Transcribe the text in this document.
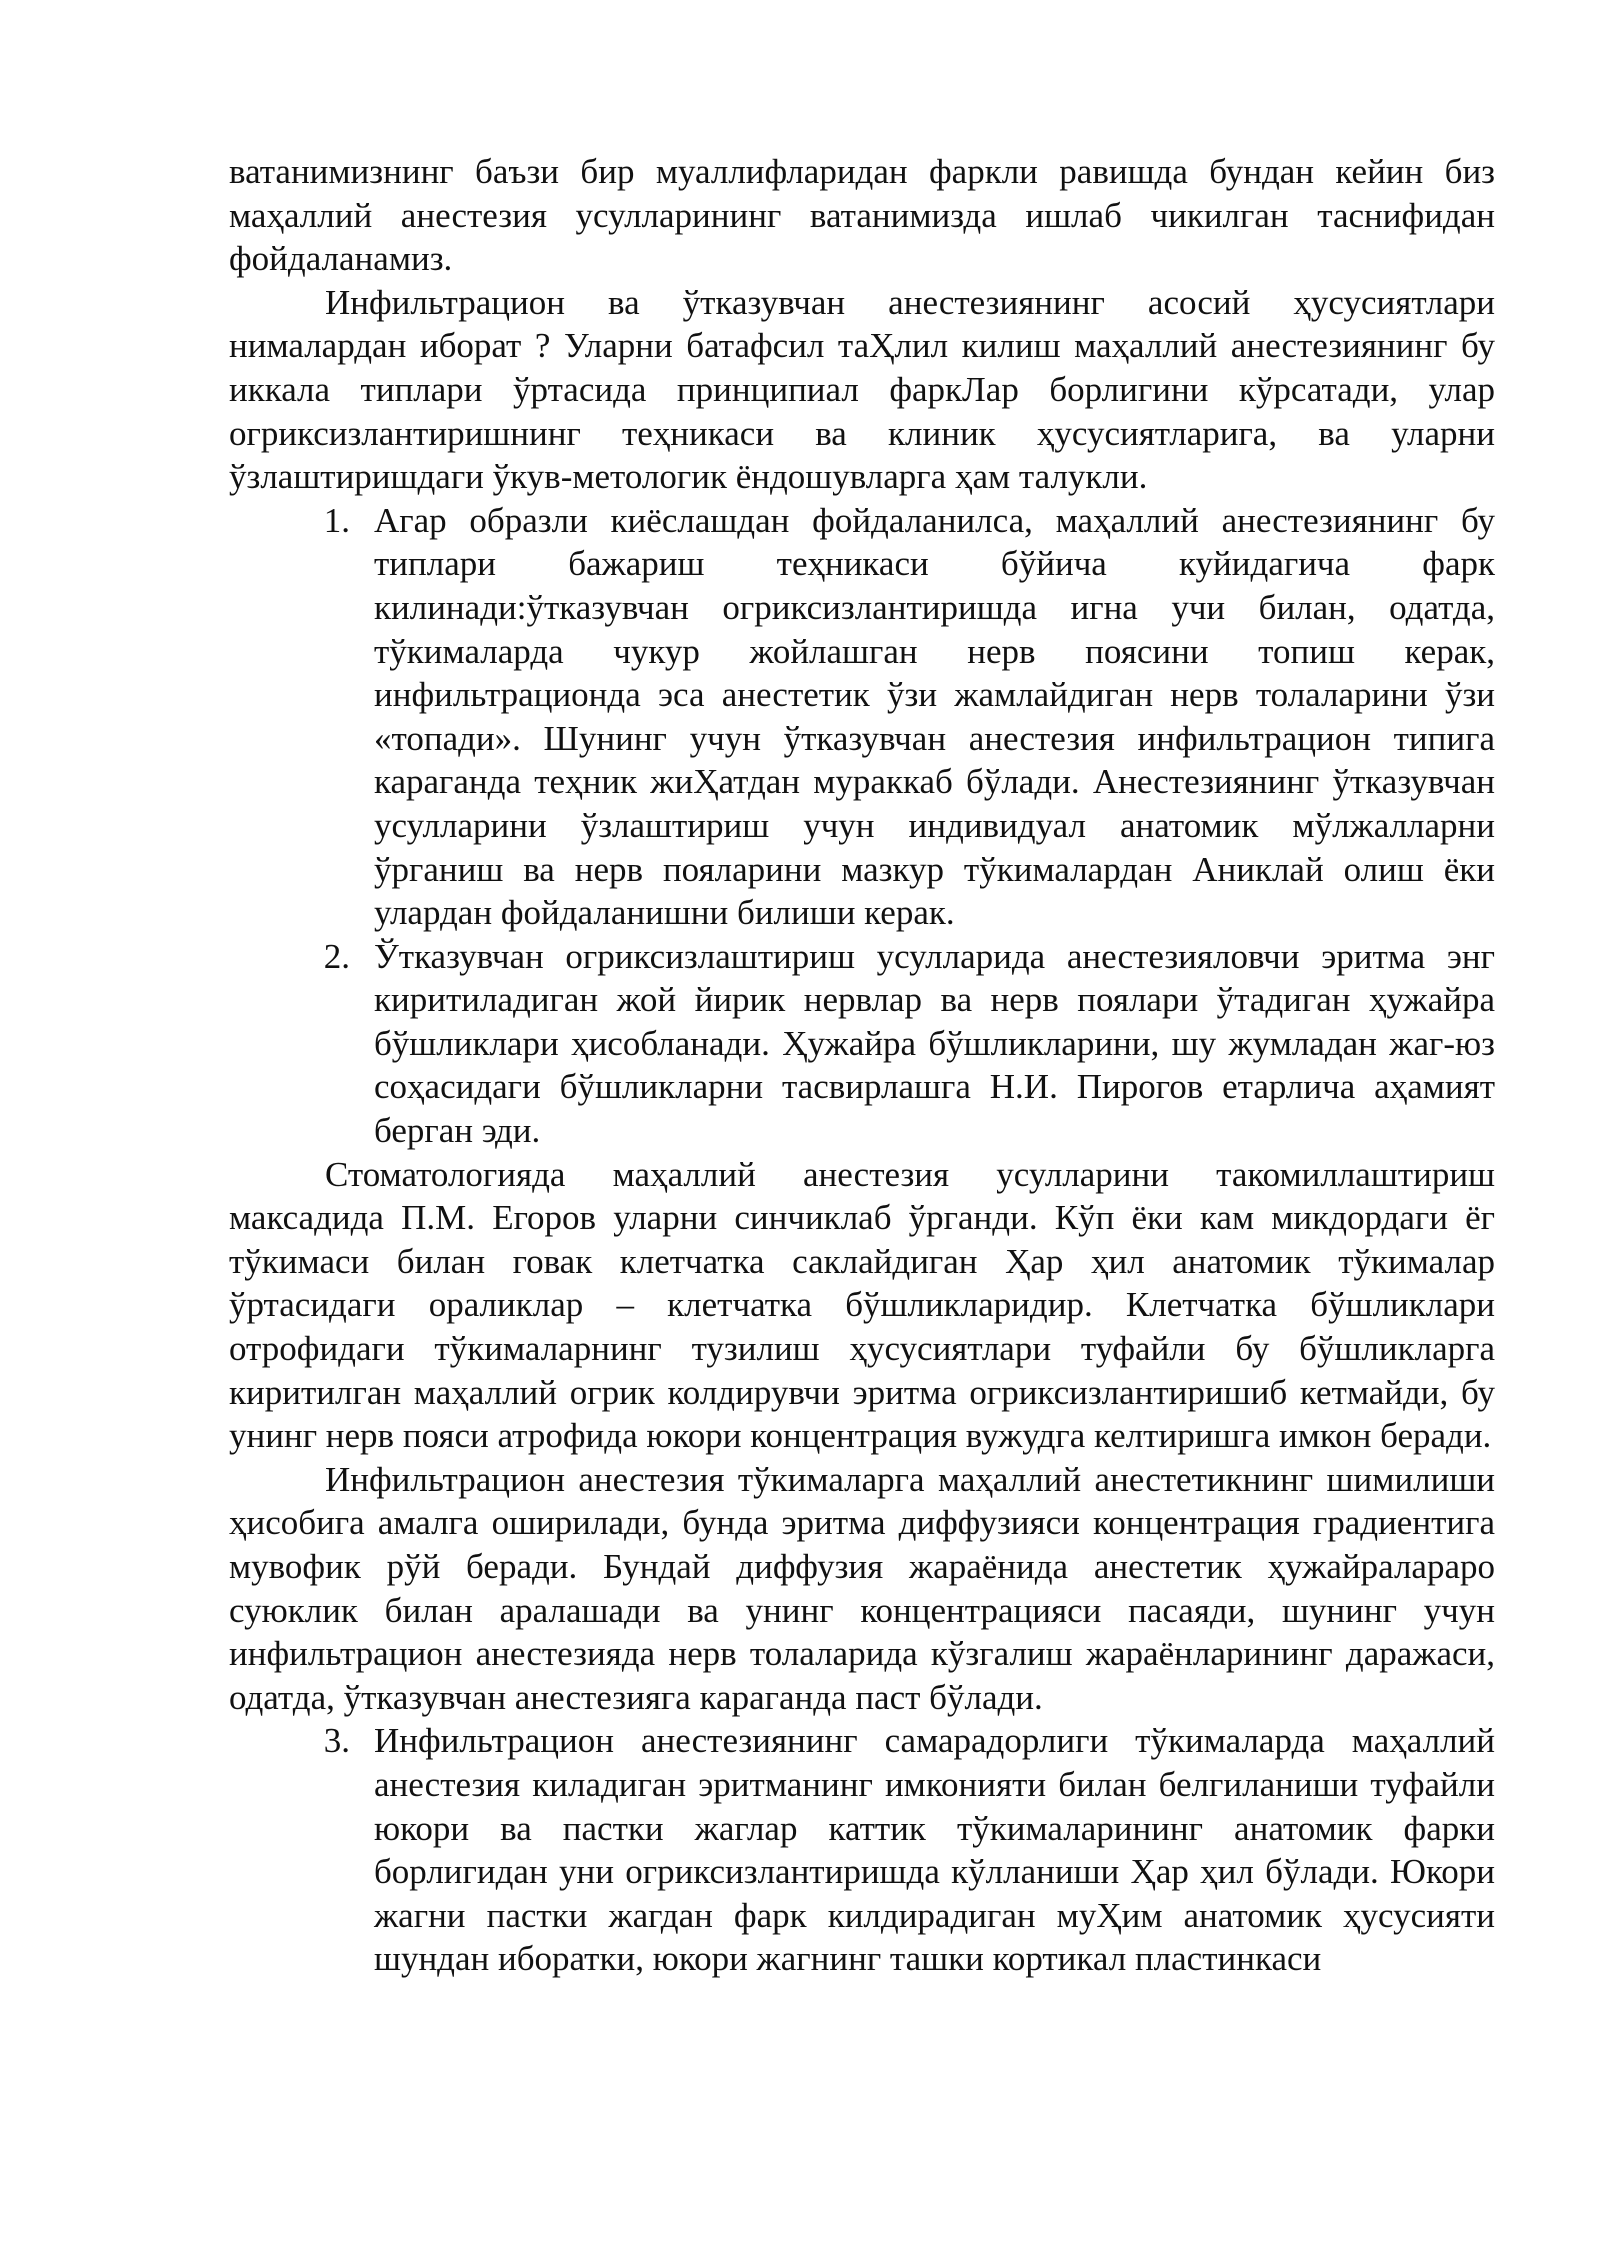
ватанимизнинг баъзи бир муаллифларидан фаркли равишда бундан кейин биз маҳаллий анестезия усулларининг ватанимизда ишлаб чикилган таснифидан фойдаланамиз.

Инфильтрацион ва ўтказувчан анестезиянинг асосий ҳусусиятлари нималардан иборат ? Уларни батафсил таҲлил килиш маҳаллий анестезиянинг бу иккала типлари ўртасида принципиал фаркЛар борлигини кўрсатади, улар огриксизлантиришнинг теҳникаси ва клиник ҳусусиятларига, ва уларни ўзлаштиришдаги ўкув-метологик ёндошувларга ҳам талукли.

1. Агар образли киёслашдан фойдаланилса, маҳаллий анестезиянинг бу типлари бажариш теҳникаси бўйича куйидагича фарк килинади:ўтказувчан огриксизлантиришда игна учи билан, одатда, тўкималарда чукур жойлашган нерв поясини топиш керак, инфильтрационда эса анестетик ўзи жамлайдиган нерв толаларини ўзи «топади». Шунинг учун ўтказувчан анестезия инфильтрацион типига караганда теҳник жиҲатдан мураккаб бўлади. Анестезиянинг ўтказувчан усулларини ўзлаштириш учун индивидуал анатомик мўлжалларни ўрганиш ва нерв пояларини мазкур тўкималардан Аниклай олиш ёки улардан фойдаланишни билиши керак.
2. Ўтказувчан огриксизлаштириш усулларида анестезияловчи эритма энг киритиладиган жой йирик нервлар ва нерв поялари ўтадиган ҳужайра бўшликлари ҳисобланади. Ҳужайра бўшликларини, шу жумладан жаг-юз соҳасидаги бўшликларни тасвирлашга Н.И. Пирогов етарлича аҳамият берган эди.

Стоматологияда маҳаллий анестезия усулларини такомиллаштириш максадида П.М. Егоров уларни синчиклаб ўрганди. Кўп ёки кам микдордаги ёг тўкимаси билан говак клетчатка саклайдиган Ҳар ҳил анатомик тўкималар ўртасидаги ораликлар – клетчатка бўшликларидир. Клетчатка бўшликлари отрофидаги тўкималарнинг тузилиш ҳусусиятлари туфайли бу бўшликларга киритилган маҳаллий огрик колдирувчи эритма огриксизлантиришиб кетмайди, бу унинг нерв пояси атрофида юкори концентрация вужудга келтиришга имкон беради.

Инфильтрацион анестезия тўкималарга маҳаллий анестетикнинг шимилиши ҳисобига амалга оширилади, бунда эритма диффузияси концентрация градиентига мувофик рўй беради. Бундай диффузия жараёнида анестетик ҳужайралараро суюклик билан аралашади ва унинг концентрацияси пасаяди, шунинг учун инфильтрацион анестезияда нерв толаларида кўзгалиш жараёнларининг даражаси, одатда, ўтказувчан анестезияга караганда паст бўлади.

3. Инфильтрацион анестезиянинг самарадорлиги тўкималарда маҳаллий анестезия киладиган эритманинг имконияти билан белгиланиши туфайли юкори ва пастки жаглар каттик тўкималарининг анатомик фарки борлигидан уни огриксизлантиришда кўлланиши Ҳар ҳил бўлади. Юкори жагни пастки жагдан фарк килдирадиган муҲим анатомик ҳусусияти шундан иборатки, юкори жагнинг ташки кортикал пластинкаси
